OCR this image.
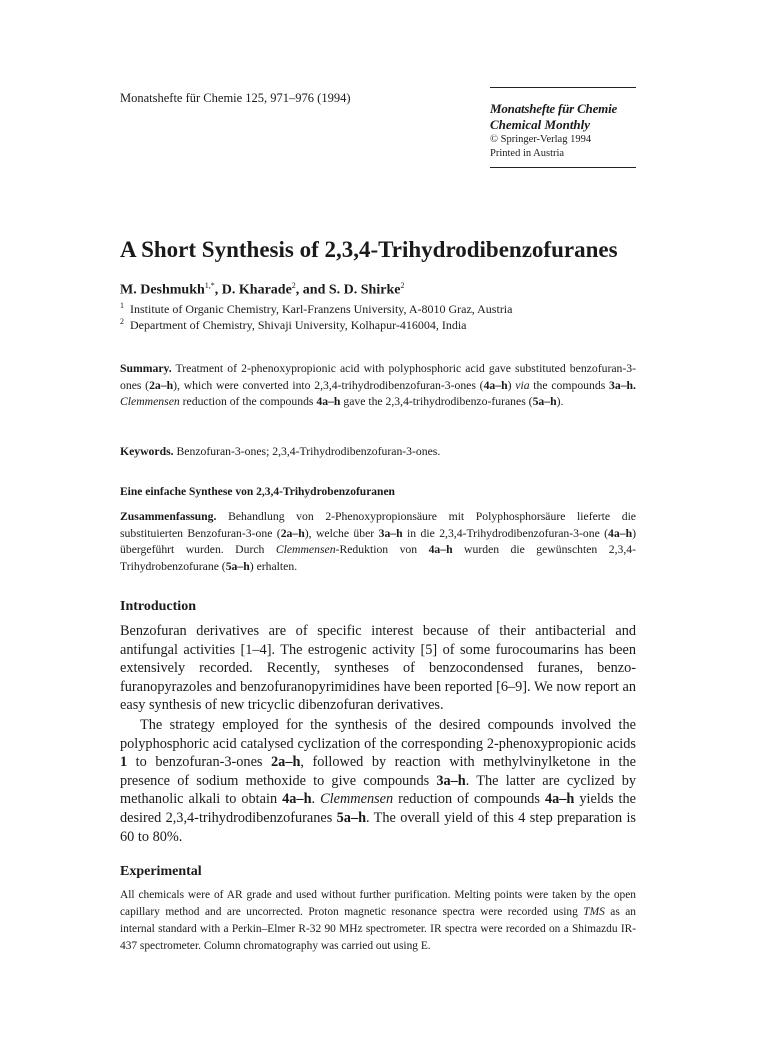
Monatshefte für Chemie 125, 971–976 (1994)
Monatshefte für Chemie
Chemical Monthly
© Springer-Verlag 1994
Printed in Austria
A Short Synthesis of 2,3,4-Trihydrodibenzofuranes
M. Deshmukh$^{1,*}$, D. Kharade$^2$, and S. D. Shirke$^2$
$^1$ Institute of Organic Chemistry, Karl-Franzens University, A-8010 Graz, Austria
$^2$ Department of Chemistry, Shivaji University, Kolhapur-416004, India
Summary. Treatment of 2-phenoxypropionic acid with polyphosphoric acid gave substituted benzofuran-3-ones (2a–h), which were converted into 2,3,4-trihydrodibenzofuran-3-ones (4a–h) via the compounds 3a–h. Clemmensen reduction of the compounds 4a–h gave the 2,3,4-trihydrodibenzo-furanes (5a–h).
Keywords. Benzofuran-3-ones; 2,3,4-Trihydrodibenzofuran-3-ones.
Eine einfache Synthese von 2,3,4-Trihydrobenzofuranen
Zusammenfassung. Behandlung von 2-Phenoxypropionsäure mit Polyphosphorsäure lieferte die substituierten Benzofuran-3-one (2a–h), welche über 3a–h in die 2,3,4-Trihydrodibenzofuran-3-one (4a–h) übergeführt wurden. Durch Clemmensen-Reduktion von 4a–h wurden die gewünschten 2,3,4-Trihydrobenzofurane (5a–h) erhalten.
Introduction
Benzofuran derivatives are of specific interest because of their antibacterial and antifungal activities [1–4]. The estrogenic activity [5] of some furocoumarins has been extensively recorded. Recently, syntheses of benzocondensed furanes, benzo-furanopyrazoles and benzofuranopyrimidines have been reported [6–9]. We now report an easy synthesis of new tricyclic dibenzofuran derivatives.
The strategy employed for the synthesis of the desired compounds involved the polyphosphoric acid catalysed cyclization of the corresponding 2-phenoxypropionic acids 1 to benzofuran-3-ones 2a–h, followed by reaction with methylvinylketone in the presence of sodium methoxide to give compounds 3a–h. The latter are cyclized by methanolic alkali to obtain 4a–h. Clemmensen reduction of compounds 4a–h yields the desired 2,3,4-trihydrodibenzofuranes 5a–h. The overall yield of this 4 step preparation is 60 to 80%.
Experimental
All chemicals were of AR grade and used without further purification. Melting points were taken by the open capillary method and are uncorrected. Proton magnetic resonance spectra were recorded using TMS as an internal standard with a Perkin–Elmer R-32 90 MHz spectrometer. IR spectra were recorded on a Shimazdu IR-437 spectrometer. Column chromatography was carried out using E.
